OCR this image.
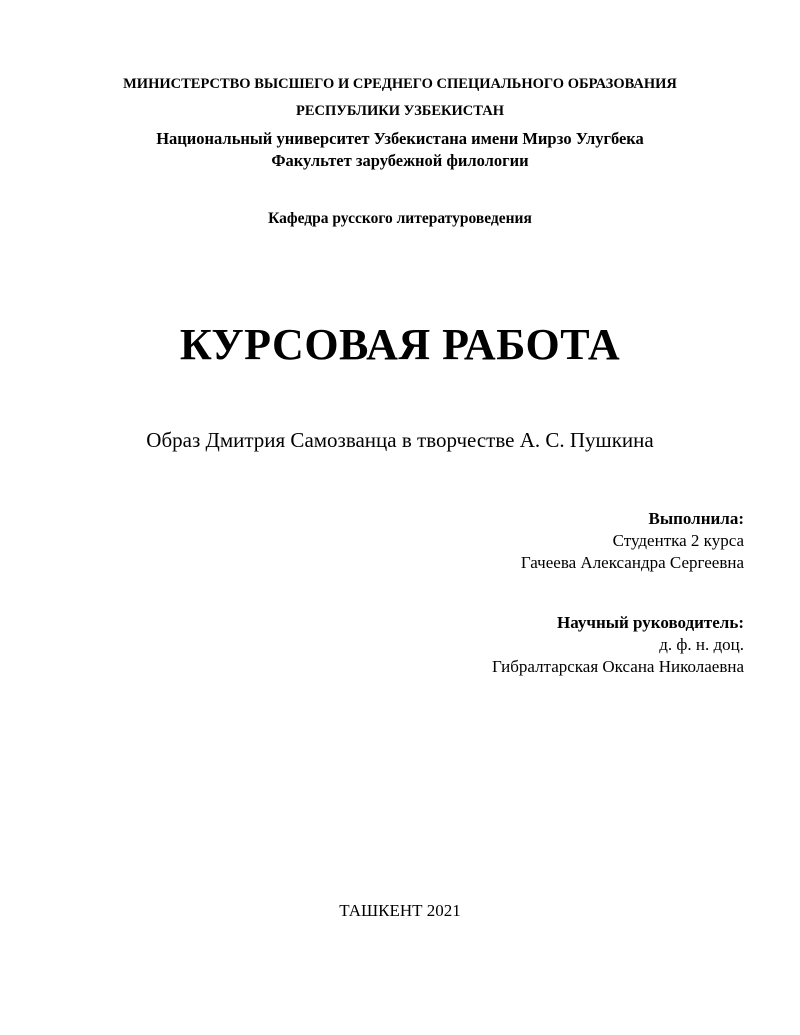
МИНИСТЕРСТВО ВЫСШЕГО И СРЕДНЕГО СПЕЦИАЛЬНОГО ОБРАЗОВАНИЯ
РЕСПУБЛИКИ УЗБЕКИСТАН
Национальный университет Узбекистана имени Мирзо Улугбека
Факультет зарубежной филологии
Кафедра русского литературоведения
КУРСОВАЯ РАБОТА
Образ Дмитрия Самозванца в творчестве А. С. Пушкина
Выполнила:
Студентка 2 курса
Гачеева Александра Сергеевна
Научный руководитель:
д. ф. н. доц.
Гибралтарская Оксана Николаевна
ТАШКЕНТ 2021
